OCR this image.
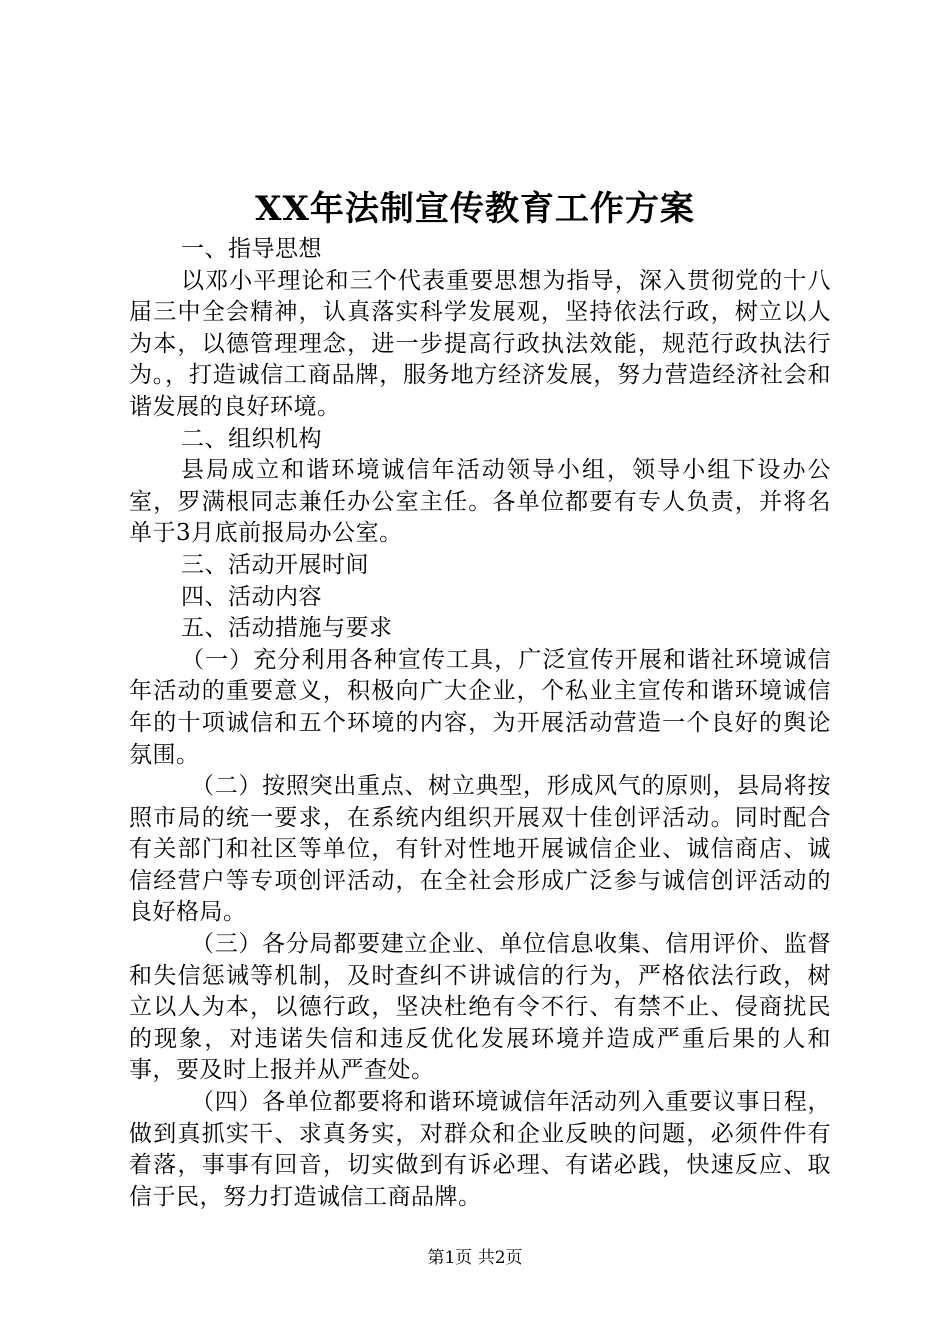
XX年法制宣传教育工作方案

一、指导思想

以邓小平理论和三个代表重要思想为指导，深入贯彻党的十八届三中全会精神，认真落实科学发展观，坚持依法行政，树立以人为本，以德管理理念，进一步提高行政执法效能，规范行政执法行为。，打造诚信工商品牌，服务地方经济发展，努力营造经济社会和谐发展的良好环境。

二、组织机构

县局成立和谐环境诚信年活动领导小组，领导小组下设办公室，罗满根同志兼任办公室主任。各单位都要有专人负责，并将名单于3月底前报局办公室。

三、活动开展时间

四、活动内容

五、活动措施与要求

（一）充分利用各种宣传工具，广泛宣传开展和谐社环境诚信年活动的重要意义，积极向广大企业，个私业主宣传和谐环境诚信年的十项诚信和五个环境的内容，为开展活动营造一个良好的舆论氛围。

（二）按照突出重点、树立典型，形成风气的原则，县局将按照市局的统一要求，在系统内组织开展双十佳创评活动。同时配合有关部门和社区等单位，有针对性地开展诚信企业、诚信商店、诚信经营户等专项创评活动，在全社会形成广泛参与诚信创评活动的良好格局。

（三）各分局都要建立企业、单位信息收集、信用评价、监督和失信惩诫等机制，及时查纠不讲诚信的行为，严格依法行政，树立以人为本，以德行政，坚决杜绝有令不行、有禁不止、侵商扰民的现象，对违诺失信和违反优化发展环境并造成严重后果的人和事，要及时上报并从严查处。

（四）各单位都要将和谐环境诚信年活动列入重要议事日程，做到真抓实干、求真务实，对群众和企业反映的问题，必须件件有着落，事事有回音，切实做到有诉必理、有诺必践，快速反应、取信于民，努力打造诚信工商品牌。

第1页 共2页
